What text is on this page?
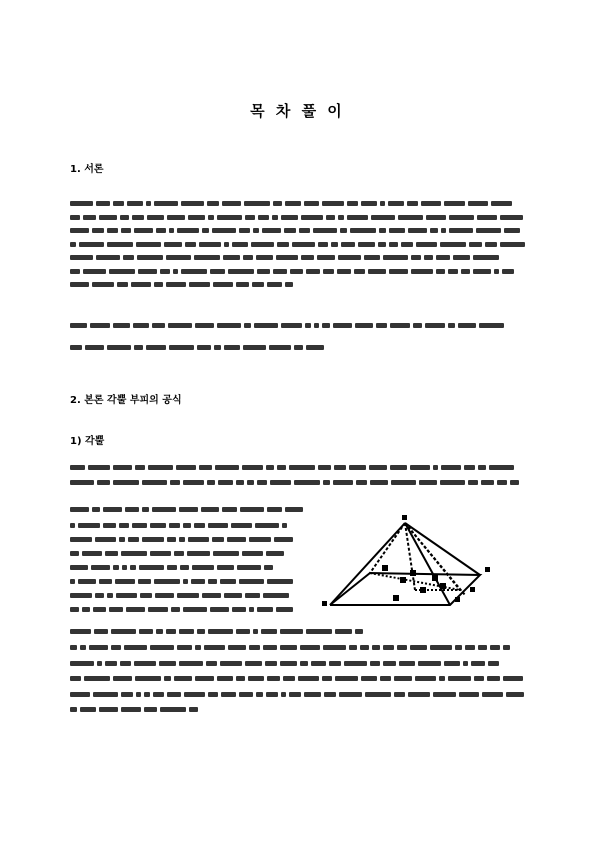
목 차 풀 이
1. 서론
2. 본론 각뿔 부피의 공식
1) 각뿔
